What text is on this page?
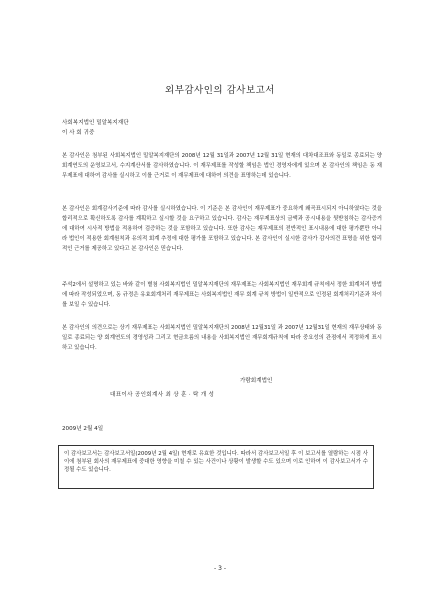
외부감사인의 감사보고서
사회복지법인 밀알복지재단
이 사 회 귀중

본 감사인은 첨부된 사회복지법인 밀알복지재단의 2008년 12월 31일과 2007년 12월 31일 현재의 대차대조표와 동일로 종료되는 양 회계연도의 운영보고서, 수지계산서를 감사하였습니다. 이 재무제표를 작성할 책임은 법인 경영자에게 있으며 본 감사인의 책임은 동 재무제표에 대하여 감사를 실시하고 이를 근거로 이 재무제표에 대하여 의견을 표명하는데 있습니다.

본 감사인은 회계감사기준에 따라 감사를 실시하였습니다. 이 기준은 본 감사인이 재무제표가 중요하게 왜곡표시되지 아니하였다는 것을 합리적으로 확신하도록 감사를 계획하고 실시할 것을 요구하고 있습니다. 감사는 재무제표상의 금액과 공시내용을 뒷받침하는 감사증거에 대하여 시사적 방법을 적용하여 검증하는 것을 포함하고 있습니다. 또한 감사는 재무제표의 전반적인 표시내용에 대한 평가뿐만 아니라 법인이 적용한 회계원칙과 유의적 회계 추정에 대한 평가를 포함하고 있습니다. 본 감사인이 실시한 감사가 감사의견 표명을 위한 합리적인 근거를 제공하고 있다고 본 감사인은 믿습니다.

주석2에서 설명하고 있는 바와 같이 별첨 사회복지법인 밀알복지재단의 재무제표는 사회복지법인 재무회계 규칙에서 정한 회계처리 방법에 따라 작성되었으며, 동 규정은 유효회계처리 재무제표는 사회복지법인 재무 회계 규칙 방법이 일반적으로 인정된 회계처리기준과 차이를 보일 수 있습니다.

본 감사인의 의견으로는 상기 재무제표는 사회복지법인 밀알복지재단의 2008년 12월31일 과 2007년 12월31일 현재의 재무상태와 동일로 종료되는 양 회계연도의 경영성과 그리고 현금흐름의 내용을 사회복지법인 재무회계규칙에 따라 중요성의 관점에서 적정하게 표시하고 있습니다.

가람회계법인
대표이사 공인회계사 최 상 훈 · 탁 개 성
2009년 2월 4일
이 감사보고서는 감사보고서일(2009년 2월 4일) 현재로 유효한 것입니다. 따라서 감사보고서일 후 이 보고서를 열람하는 시점 사이에 첨부된 회사의 재무제표에 중대한 영향을 미칠 수 있는 사건이나 상황이 발생할 수도 있으며 이로 인하여 이 감사보고서가 수정될 수도 있습니다.
- 3 -
